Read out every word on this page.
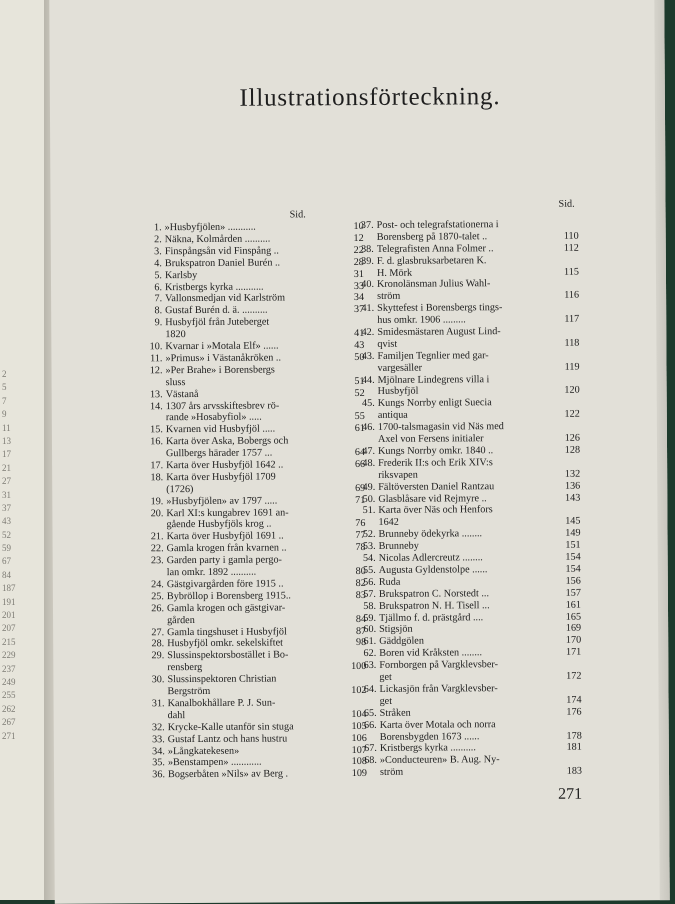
2
5
7
9
11
13
17
21
27
31
37
43
52
59
67
84
187
191
201
207
215
229
237
249
255
262
267
271
Illustrationsförteckning.
Sid.
Sid.
1. »Husbyfjölen» ...........	10
2. Näkna, Kolmården ..........	12
3. Finspångsån vid Finspång ..	22
4. Brukspatron Daniel Burén ..	28
5. Karlsby	31
6. Kristbergs kyrka ...........	33
7. Vallonsmedjan vid Karlström	34
8. Gustaf Burén d. ä. ..........	37
9. Husbyfjöl från Juteberget
1820	41
10. Kvarnar i »Motala Elf» ......	43
11. »Primus» i Västanåkröken ..	50
12. »Per Brahe» i Borensbergs
sluss	51
13. Västanå	52
14. 1307 års arvsskiftesbrev rö-
rande »Hosabyfiol» .....	55
15. Kvarnen vid Husbyfjöl .....	61
16. Karta över Aska, Bobergs och
Gullbergs härader 1757 ...	64
17. Karta över Husbyfjöl 1642 ..	66
18. Karta över Husbyfjöl 1709
(1726)	69
19. »Husbyfjölen» av 1797 .....	71
20. Karl XI:s kungabrev 1691 an-
gående Husbyfjöls krog ..	76
21. Karta över Husbyfjöl 1691 ..	77
22. Gamla krogen från kvarnen ..	78
23. Garden party i gamla pergo-
lan omkr. 1892 ..........	80
24. Gästgivargården före 1915 ..	82
25. Bybröllop i Borensberg 1915..	83
26. Gamla krogen och gästgivar-
gården	84
27. Gamla tingshuset i Husbyfjöl	87
28. Husbyfjöl omkr. sekelskiftet	98
29. Slussinspektorsbostället i Bo-
rensberg	100
30. Slussinspektoren Christian
Bergström	102
31. Kanalbokhållare P. J. Sun-
dahl	104
32. Krycke-Kalle utanför sin stuga	105
33. Gustaf Lantz och hans hustru	106
34. »Långkatekesen»	107
35. »Benstampen» ............	108
36. Bogserbåten »Nils» av Berg .	109
37. Post- och telegrafstationerna i
Borensberg på 1870-talet ..	110
38. Telegrafisten Anna Folmer ..	112
39. F. d. glasbruksarbetaren K.
H. Mörk	115
40. Kronolänsman Julius Wahl-
ström	116
41. Skyttefest i Borensbergs tings-
hus omkr. 1906 .........	117
42. Smidesmästaren August Lind-
qvist	118
43. Familjen Tegnlier med gar-
vargesäller	119
44. Mjölnare Lindegrens villa i
Husbyfjöl	120
45. Kungs Norrby enligt Suecia
antiqua	122
46. 1700-talsmagasin vid Näs med
Axel von Fersens initialer	126
47. Kungs Norrby omkr. 1840 ..	128
48. Frederik II:s och Erik XIV:s
riksvapen	132
49. Fältöversten Daniel Rantzau	136
50. Glasblåsare vid Rejmyre ..	143
51. Karta över Näs och Henfors
1642	145
52. Brunneby ödekyrka ........	149
53. Brunneby	151
54. Nicolas Adlercreutz ........	154
55. Augusta Gyldenstolpe ......	154
56. Ruda	156
57. Brukspatron C. Norstedt ...	157
58. Brukspatron N. H. Tisell ...	161
59. Tjällmo f. d. prästgård ....	165
60. Stigsjön	169
61. Gäddgölen	170
62. Boren vid Kråksten ........	171
63. Fornborgen på Vargklevsber-
get	172
64. Lickasjön från Vargklevsber-
get	174
65. Stråken	176
66. Karta över Motala och norra
Borensbygden 1673 ......	178
67. Kristbergs kyrka ..........	181
68. »Conducteuren» B. Aug. Ny-
ström	183
271
